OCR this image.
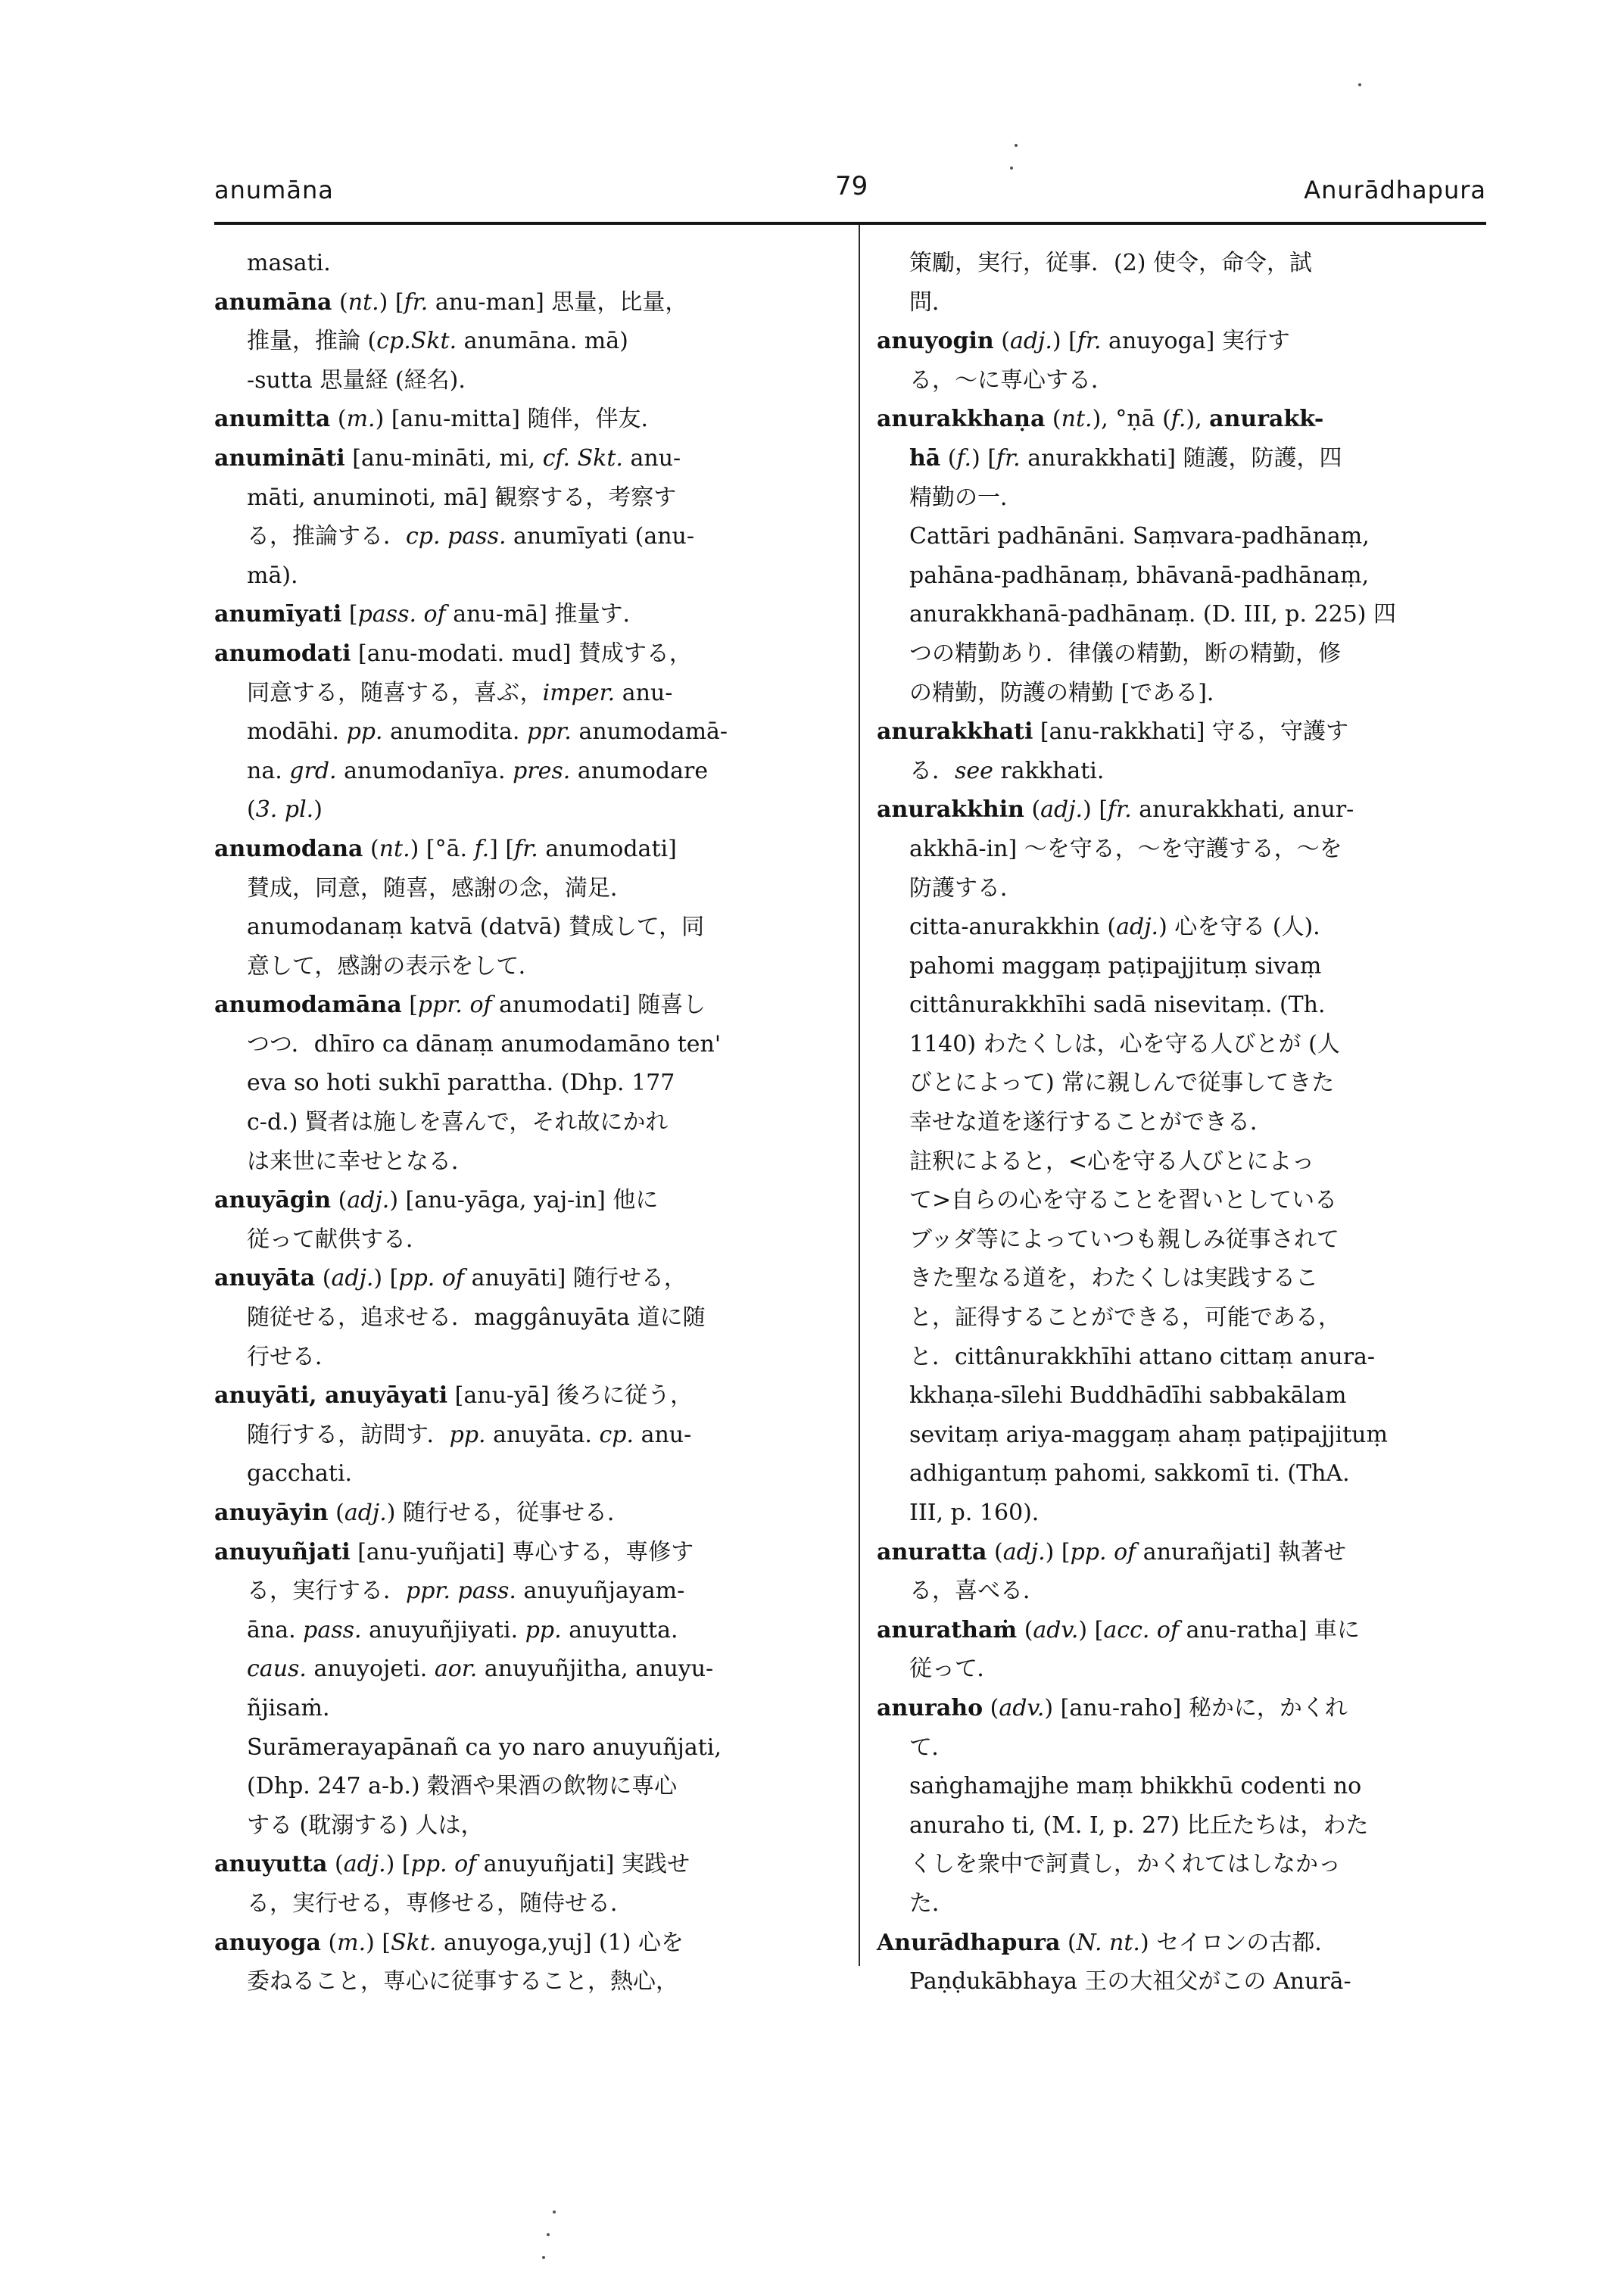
anumāna	79	Anurādhapura
masati.
anumāna (nt.) [fr. anu-man] 思量，比量，
推量，推論 (cp.Skt. anumāna. mā)
-sutta 思量経 (経名).
anumitta (m.) [anu-mitta] 随伴，伴友.
anumināti [anu-mināti, mi, cf. Skt. anu-
māti, anuminoti, mā] 観察する，考察す
る，推論する．cp. pass. anumīyati (anu-
mā).
anumīyati [pass. of anu-mā] 推量す.
anumodati [anu-modati. mud] 賛成する，
同意する，随喜する，喜ぶ，imper. anu-
modāhi. pp. anumodita. ppr. anumodamā-
na. grd. anumodanīya. pres. anumodare
(3. pl.)
anumodana (nt.) [°ā. f.] [fr. anumodati]
賛成，同意，随喜，感謝の念，満足．
anumodanaṃ katvā (datvā) 賛成して，同
意して，感謝の表示をして．
anumodamāna [ppr. of anumodati] 随喜し
つつ．dhīro ca dānaṃ anumodamāno ten'
eva so hoti sukhī parattha. (Dhp. 177
c-d.) 賢者は施しを喜んで，それ故にかれ
は来世に幸せとなる．
anuyāgin (adj.) [anu-yāga, yaj-in] 他に
従って献供する．
anuyāta (adj.) [pp. of anuyāti] 随行せる，
随従せる，追求せる．maggânuyāta 道に随
行せる．
anuyāti, anuyāyati [anu-yā] 後ろに従う，
随行する，訪問す．pp. anuyāta. cp. anu-
gacchati.
anuyāyin (adj.) 随行せる，従事せる．
anuyuñjati [anu-yuñjati] 専心する，専修す
る，実行する．ppr. pass. anuyuñjayam-
āna. pass. anuyuñjiyati. pp. anuyutta.
caus. anuyojeti. aor. anuyuñjitha, anuyu-
ñjisaṁ.
Surāmerayapānañ ca yo naro anuyuñjati,
(Dhp. 247 a-b.) 穀酒や果酒の飲物に専心
する (耽溺する) 人は，
anuyutta (adj.) [pp. of anuyuñjati] 実践せ
る，実行せる，専修せる，随侍せる．
anuyoga (m.) [Skt. anuyoga,yuj] (1) 心を
委ねること，専心に従事すること，熱心，
策勵，実行，従事．(2) 使令，命令，試
問．
anuyogin (adj.) [fr. anuyoga] 実行す
る，～に専心する．
anurakkhaṇa (nt.), °ṇā (f.), anurakk-
hā (f.) [fr. anurakkhati] 随護，防護，四
精勤の一．
Cattāri padhānāni. Saṃvara-padhānaṃ,
pahāna-padhānaṃ, bhāvanā-padhānaṃ,
anurakkhanā-padhānaṃ. (D. III, p. 225) 四
つの精勤あり．律儀の精勤，断の精勤，修
の精勤，防護の精勤 [である]．
anurakkhati [anu-rakkhati] 守る，守護す
る．see rakkhati.
anurakkhin (adj.) [fr. anurakkhati, anur-
akkhā-in] ～を守る，～を守護する，～を
防護する．
citta-anurakkhin (adj.) 心を守る (人)．
pahomi maggaṃ paṭipajjituṃ sivaṃ
cittânurakkhīhi sadā nisevitaṃ. (Th.
1140) わたくしは，心を守る人びとが (人
びとによって) 常に親しんで従事してきた
幸せな道を遂行することができる．
註釈によると，<心を守る人びとによっ
て>自らの心を守ることを習いとしている
ブッダ等によっていつも親しみ従事されて
きた聖なる道を，わたくしは実践するこ
と，証得することができる，可能である，
と．cittânurakkhīhi attano cittaṃ anura-
kkhaṇa-sīlehi Buddhādīhi sabbakālam
sevitaṃ ariya-maggaṃ ahaṃ paṭipajjituṃ
adhigantuṃ pahomi, sakkomī ti. (ThA.
III, p. 160)．
anuratta (adj.) [pp. of anurañjati] 執著せ
る，喜べる．
anurathaṁ (adv.) [acc. of anu-ratha] 車に
従って．
anuraho (adv.) [anu-raho] 秘かに，かくれ
て．
saṅghamajjhe maṃ bhikkhū codenti no
anuraho ti, (M. I, p. 27) 比丘たちは，わた
くしを衆中で訶責し，かくれてはしなかっ
た．
Anurādhapura (N. nt.) セイロンの古都．
Paṇḍukābhaya 王の大祖父がこの Anurā-
